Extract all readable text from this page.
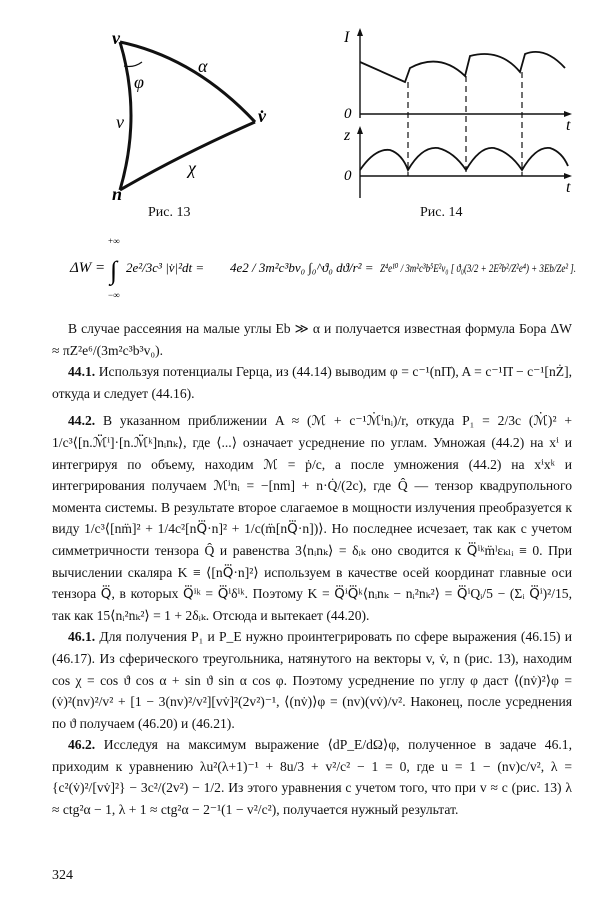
v
v̇
n
φ
α
ν
χ
Рис. 13
I
0
t
z
0
t
Рис. 14
ΔW = ∫
+∞
−∞
2e²/3c³ |v̇|²dt = 4e2 / 3m²c³bv₀ ∫₀^ϑ₀ dϑ/r² = Z⁴e¹⁰ / 3m²c³b⁵E²v₀ [ ϑ₀(3/2 + 2E²b²/Z²e⁴) + 3Eb/Ze² ].

В случае рассеяния на малые углы Eb ≫ α и получается известная формула Бора ΔW ≈ πZ²e⁶/(3m²c³b³v₀).

44.1. Используя потенциалы Герца, из (44.14) выводим φ = c⁻¹(nΠ̇), A = c⁻¹Π̇ − c⁻¹[nŻ], откуда и следует (44.16).

44.2. В указанном приближении A ≈ (ℳ + c⁻¹ℳ̇ⁱnᵢ)/r, откуда P₁ = 2/3c (ℳ̇)² + 1/c³⟨[n.ℳ̈ⁱ]·[n.ℳ̈ᵏ]nᵢnₖ⟩, где ⟨...⟩ означает усреднение по углам. Умножая (44.2) на xⁱ и интегрируя по объему, находим ℳ = ṗ/c, а после умножения (44.2) на xⁱxᵏ и интегрирования получаем ℳⁱnᵢ = −[nm] + n·Q̇/(2c), где Q̂ — тензор квадрупольного момента системы. В результате второе слагаемое в мощности излучения преобразуется к виду 1/c³⟨[nm̈]² + 1/4c²[nQ⃛·n]² + 1/c(m̈[nQ⃛·n])⟩. Но последнее исчезает, так как с учетом симметричности тензора Q̂ и равенства 3⟨nᵢnₖ⟩ = δᵢₖ оно сводится к Q⃛ⁱᵏm̈ˡεₖₗᵢ ≡ 0. При вычислении скаляра K ≡ ⟨[nQ⃛·n]²⟩ используем в качестве осей координат главные оси тензора Q⃛, в которых Q⃛ⁱᵏ = Q⃛ⁱδⁱᵏ. Поэтому K = Q⃛ⁱQ⃛ᵏ⟨nᵢnₖ − nᵢ²nₖ²⟩ = Q⃛ⁱQᵢ/5 − (Σᵢ Q⃛ⁱ)²/15, так как 15⟨nᵢ²nₖ²⟩ = 1 + 2δᵢₖ. Отсюда и вытекает (44.20).

46.1. Для получения P₁ и P_E нужно проинтегрировать по сфере выражения (46.15) и (46.17). Из сферического треугольника, натянутого на векторы v, v̇, n (рис. 13), находим cos χ = cos ϑ cos α + sin ϑ sin α cos φ. Поэтому усреднение по углу φ даст ⟨(nv̇)²⟩φ = (v̇)²(nv)²/v² + [1 − 3(nv)²/v²][vv̇]²(2v²)⁻¹, ⟨(nv̇)⟩φ = (nv)(vv̇)/v². Наконец, после усреднения по ϑ получаем (46.20) и (46.21).

46.2. Исследуя на максимум выражение ⟨dP_E/dΩ⟩φ, полученное в задаче 46.1, приходим к уравнению λu²(λ+1)⁻¹ + 8u/3 + v²/c² − 1 = 0, где u = 1 − (nv)c/v², λ = {c²(v̇)²/[vv̇]²} − 3c²/(2v²) − 1/2. Из этого уравнения с учетом того, что при v ≈ c (рис. 13) λ ≈ ctg²α − 1, λ + 1 ≈ ctg²α − 2⁻¹(1 − v²/c²), получается нужный результат.

324
